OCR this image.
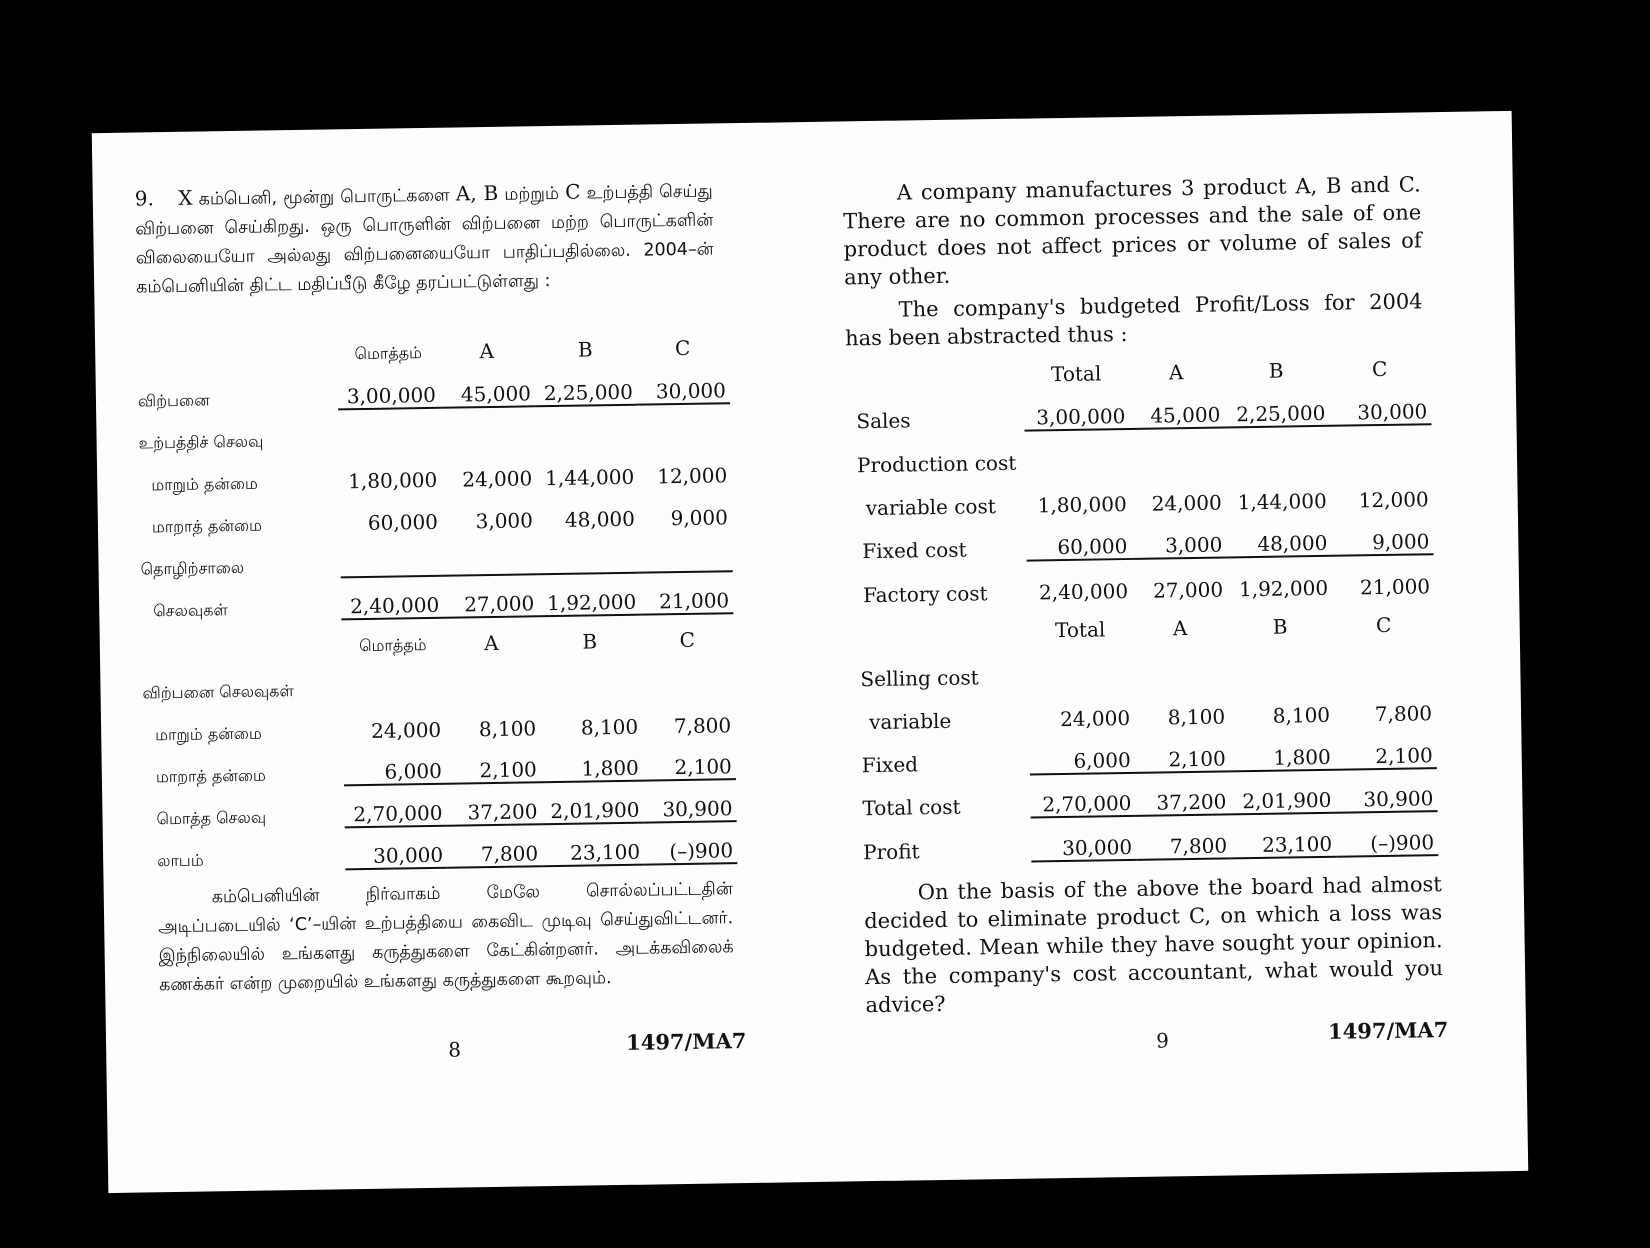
9. X கம்பெனி, மூன்று பொருட்களை A, B மற்றும் C உற்பத்தி செய்து விற்பனை செய்கிறது. ஒரு பொருளின் விற்பனை மற்ற பொருட்களின் விலையையோ அல்லது விற்பனையையோ பாதிப்பதில்லை. 2004–ன் கம்பெனியின் திட்ட மதிப்பீடு கீழே தரப்பட்டுள்ளது :

	மொத்தம்	A	B	C
விற்பனை	3,00,000	45,000	2,25,000	30,000
உற்பத்திச் செலவு				
மாறும் தன்மை	1,80,000	24,000	1,44,000	12,000
மாறாத் தன்மை	60,000	3,000	48,000	9,000
தொழிற்சாலை				
செலவுகள்	2,40,000	27,000	1,92,000	21,000
	மொத்தம்	A	B	C
விற்பனை செலவுகள்				
மாறும் தன்மை	24,000	8,100	8,100	7,800
மாறாத் தன்மை	6,000	2,100	1,800	2,100
மொத்த செலவு	2,70,000	37,200	2,01,900	30,900
லாபம்	30,000	7,800	23,100	(–)900

கம்பெனியின் நிர்வாகம் மேலே சொல்லப்பட்டதின் அடிப்படையில் ‘C’–யின் உற்பத்தியை கைவிட முடிவு செய்துவிட்டனர். இந்நிலையில் உங்களது கருத்துகளை கேட்கின்றனர். அடக்கவிலைக் கணக்கர் என்ற முறையில் உங்களது கருத்துகளை கூறவும்.

8	1497/MA7

A company manufactures 3 product A, B and C. There are no common processes and the sale of one product does not affect prices or volume of sales of any other.

The company's budgeted Profit/Loss for 2004 has been abstracted thus :

	Total	A	B	C
Sales	3,00,000	45,000	2,25,000	30,000
Production cost				
variable cost	1,80,000	24,000	1,44,000	12,000
Fixed cost	60,000	3,000	48,000	9,000
Factory cost	2,40,000	27,000	1,92,000	21,000
	Total	A	B	C
Selling cost				
variable	24,000	8,100	8,100	7,800
Fixed	6,000	2,100	1,800	2,100
Total cost	2,70,000	37,200	2,01,900	30,900
Profit	30,000	7,800	23,100	(–)900

On the basis of the above the board had almost decided to eliminate product C, on which a loss was budgeted. Mean while they have sought your opinion. As the company's cost accountant, what would you advice?

9	1497/MA7
